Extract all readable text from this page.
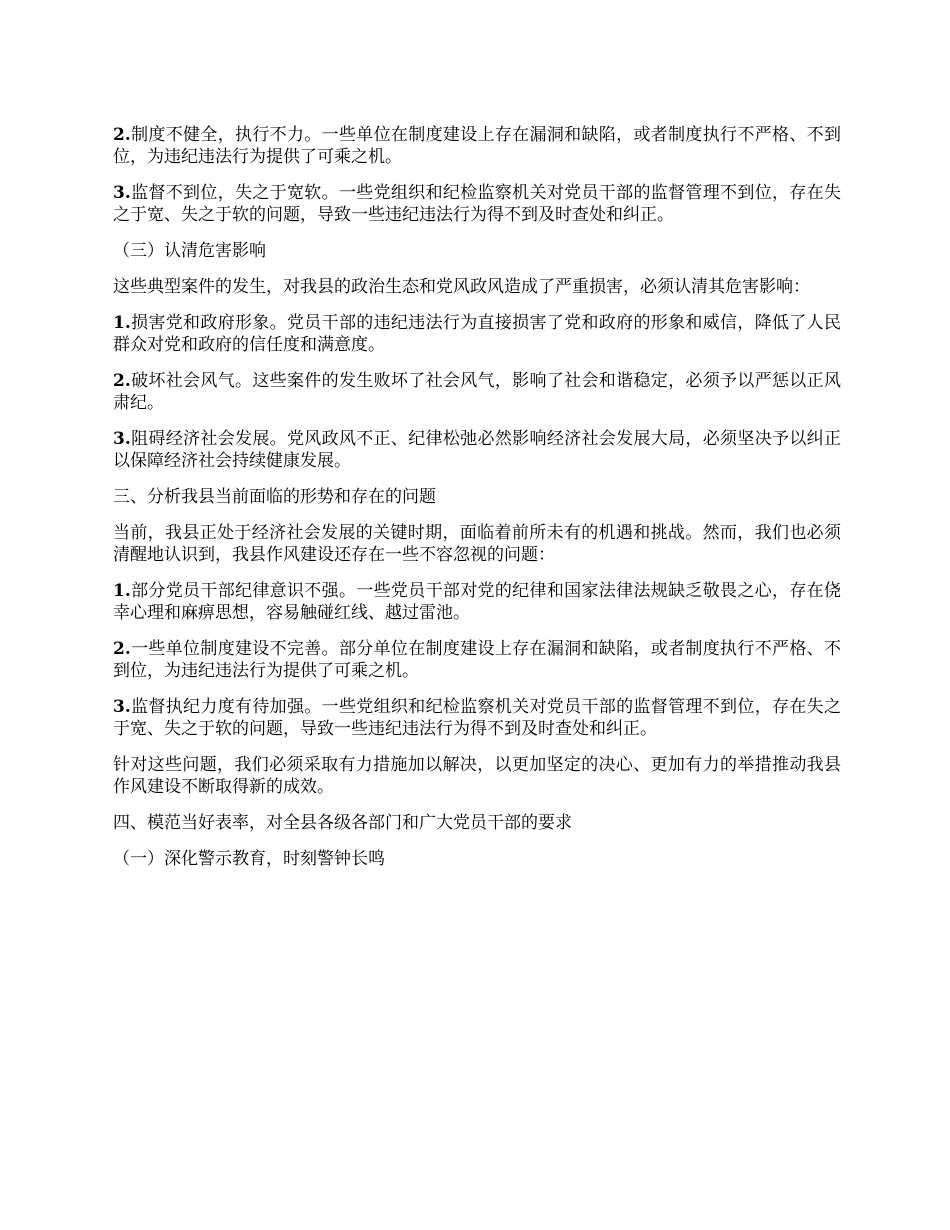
2.制度不健全，执行不力。一些单位在制度建设上存在漏洞和缺陷，或者制度执行不严格、不到位，为违纪违法行为提供了可乘之机。

3.监督不到位，失之于宽软。一些党组织和纪检监察机关对党员干部的监督管理不到位，存在失之于宽、失之于软的问题，导致一些违纪违法行为得不到及时查处和纠正。

（三）认清危害影响

这些典型案件的发生，对我县的政治生态和党风政风造成了严重损害，必须认清其危害影响：

1.损害党和政府形象。党员干部的违纪违法行为直接损害了党和政府的形象和威信，降低了人民群众对党和政府的信任度和满意度。

2.破坏社会风气。这些案件的发生败坏了社会风气，影响了社会和谐稳定，必须予以严惩以正风肃纪。

3.阻碍经济社会发展。党风政风不正、纪律松弛必然影响经济社会发展大局，必须坚决予以纠正以保障经济社会持续健康发展。

三、分析我县当前面临的形势和存在的问题

当前，我县正处于经济社会发展的关键时期，面临着前所未有的机遇和挑战。然而，我们也必须清醒地认识到，我县作风建设还存在一些不容忽视的问题：

1.部分党员干部纪律意识不强。一些党员干部对党的纪律和国家法律法规缺乏敬畏之心，存在侥幸心理和麻痹思想，容易触碰红线、越过雷池。

2.一些单位制度建设不完善。部分单位在制度建设上存在漏洞和缺陷，或者制度执行不严格、不到位，为违纪违法行为提供了可乘之机。

3.监督执纪力度有待加强。一些党组织和纪检监察机关对党员干部的监督管理不到位，存在失之于宽、失之于软的问题，导致一些违纪违法行为得不到及时查处和纠正。

针对这些问题，我们必须采取有力措施加以解决，以更加坚定的决心、更加有力的举措推动我县作风建设不断取得新的成效。

四、模范当好表率，对全县各级各部门和广大党员干部的要求

（一）深化警示教育，时刻警钟长鸣
